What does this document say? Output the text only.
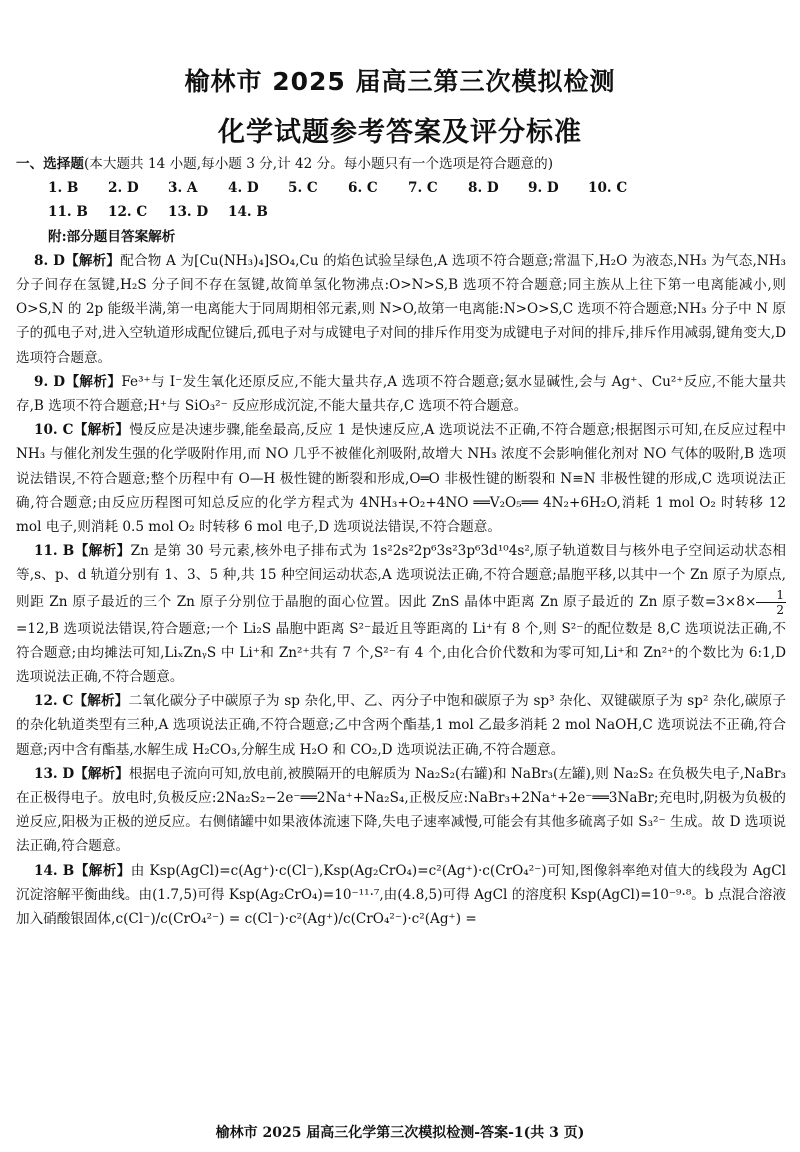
榆林市 2025 届高三第三次模拟检测
化学试题参考答案及评分标准

一、选择题(本大题共 14 小题,每小题 3 分,计 42 分。每小题只有一个选项是符合题意的)

1. B	2. D	3. A	4. D	5. C	6. C	7. C	8. D	9. D	10. C

11. B	12. C	13. D	14. B

附:部分题目答案解析

8. D【解析】配合物 A 为[Cu(NH₃)₄]SO₄,Cu 的焰色试验呈绿色,A 选项不符合题意;常温下,H₂O 为液态,NH₃ 为气态,NH₃ 分子间存在氢键,H₂S 分子间不存在氢键,故简单氢化物沸点:O>N>S,B 选项不符合题意;同主族从上往下第一电离能减小,则 O>S,N 的 2p 能级半满,第一电离能大于同周期相邻元素,则 N>O,故第一电离能:N>O>S,C 选项不符合题意;NH₃ 分子中 N 原子的孤电子对,进入空轨道形成配位键后,孤电子对与成键电子对间的排斥作用变为成键电子对间的排斥,排斥作用减弱,键角变大,D 选项符合题意。

9. D【解析】Fe³⁺与 I⁻发生氧化还原反应,不能大量共存,A 选项不符合题意;氨水显碱性,会与 Ag⁺、Cu²⁺反应,不能大量共存,B 选项不符合题意;H⁺与 SiO₃²⁻ 反应形成沉淀,不能大量共存,C 选项不符合题意。

10. C【解析】慢反应是决速步骤,能垒最高,反应 1 是快速反应,A 选项说法不正确,不符合题意;根据图示可知,在反应过程中 NH₃ 与催化剂发生强的化学吸附作用,而 NO 几乎不被催化剂吸附,故增大 NH₃ 浓度不会影响催化剂对 NO 气体的吸附,B 选项说法错误,不符合题意;整个历程中有 O—H 极性键的断裂和形成,O═O 非极性键的断裂和 N≡N 非极性键的形成,C 选项说法正确,符合题意;由反应历程图可知总反应的化学方程式为 4NH₃+O₂+4NO ══V₂O₅══ 4N₂+6H₂O,消耗 1 mol O₂ 时转移 12 mol 电子,则消耗 0.5 mol O₂ 时转移 6 mol 电子,D 选项说法错误,不符合题意。

11. B【解析】Zn 是第 30 号元素,核外电子排布式为 1s²2s²2p⁶3s²3p⁶3d¹⁰4s²,原子轨道数目与核外电子空间运动状态相等,s、p、d 轨道分别有 1、3、5 种,共 15 种空间运动状态,A 选项说法正确,不符合题意;晶胞平移,以其中一个 Zn 原子为原点,则距 Zn 原子最近的三个 Zn 原子分别位于晶胞的面心位置。因此 ZnS 晶体中距离 Zn 原子最近的 Zn 原子数$=3\times 8\times \frac{1}{2}$
=12,B 选项说法错误,符合题意;一个 Li₂S 晶胞中距离 S²⁻最近且等距离的 Li⁺有 8 个,则 S²⁻的配位数是 8,C 选项说法正确,不符合题意;由均摊法可知,LiₓZnᵧS 中 Li⁺和 Zn²⁺共有 7 个,S²⁻有 4 个,由化合价代数和为零可知,Li⁺和 Zn²⁺的个数比为 6:1,D 选项说法正确,不符合题意。

12. C【解析】二氧化碳分子中碳原子为 sp 杂化,甲、乙、丙分子中饱和碳原子为 sp³ 杂化、双键碳原子为 sp² 杂化,碳原子的杂化轨道类型有三种,A 选项说法正确,不符合题意;乙中含两个酯基,1 mol 乙最多消耗 2 mol NaOH,C 选项说法不正确,符合题意;丙中含有酯基,水解生成 H₂CO₃,分解生成 H₂O 和 CO₂,D 选项说法正确,不符合题意。

13. D【解析】根据电子流向可知,放电前,被膜隔开的电解质为 Na₂S₂(右罐)和 NaBr₃(左罐),则 Na₂S₂ 在负极失电子,NaBr₃ 在正极得电子。放电时,负极反应:2Na₂S₂−2e⁻══2Na⁺+Na₂S₄,正极反应:NaBr₃+2Na⁺+2e⁻══3NaBr;充电时,阴极为负极的逆反应,阳极为正极的逆反应。右侧储罐中如果液体流速下降,失电子速率减慢,可能会有其他多硫离子如 S₃²⁻ 生成。故 D 选项说法正确,符合题意。

14. B【解析】由 Ksp(AgCl)=c(Ag⁺)·c(Cl⁻),Ksp(Ag₂CrO₄)=c²(Ag⁺)·c(CrO₄²⁻)可知,图像斜率绝对值大的线段为 AgCl 沉淀溶解平衡曲线。由(1.7,5)可得 Ksp(Ag₂CrO₄)=10⁻¹¹·⁷,由(4.8,5)可得 AgCl 的溶度积 Ksp(AgCl)=10⁻⁹·⁸。b 点混合溶液加入硝酸银固体,c(Cl⁻)/c(CrO₄²⁻) = c(Cl⁻)·c²(Ag⁺)/c(CrO₄²⁻)·c²(Ag⁺) =

榆林市 2025 届高三化学第三次模拟检测-答案-1(共 3 页)
